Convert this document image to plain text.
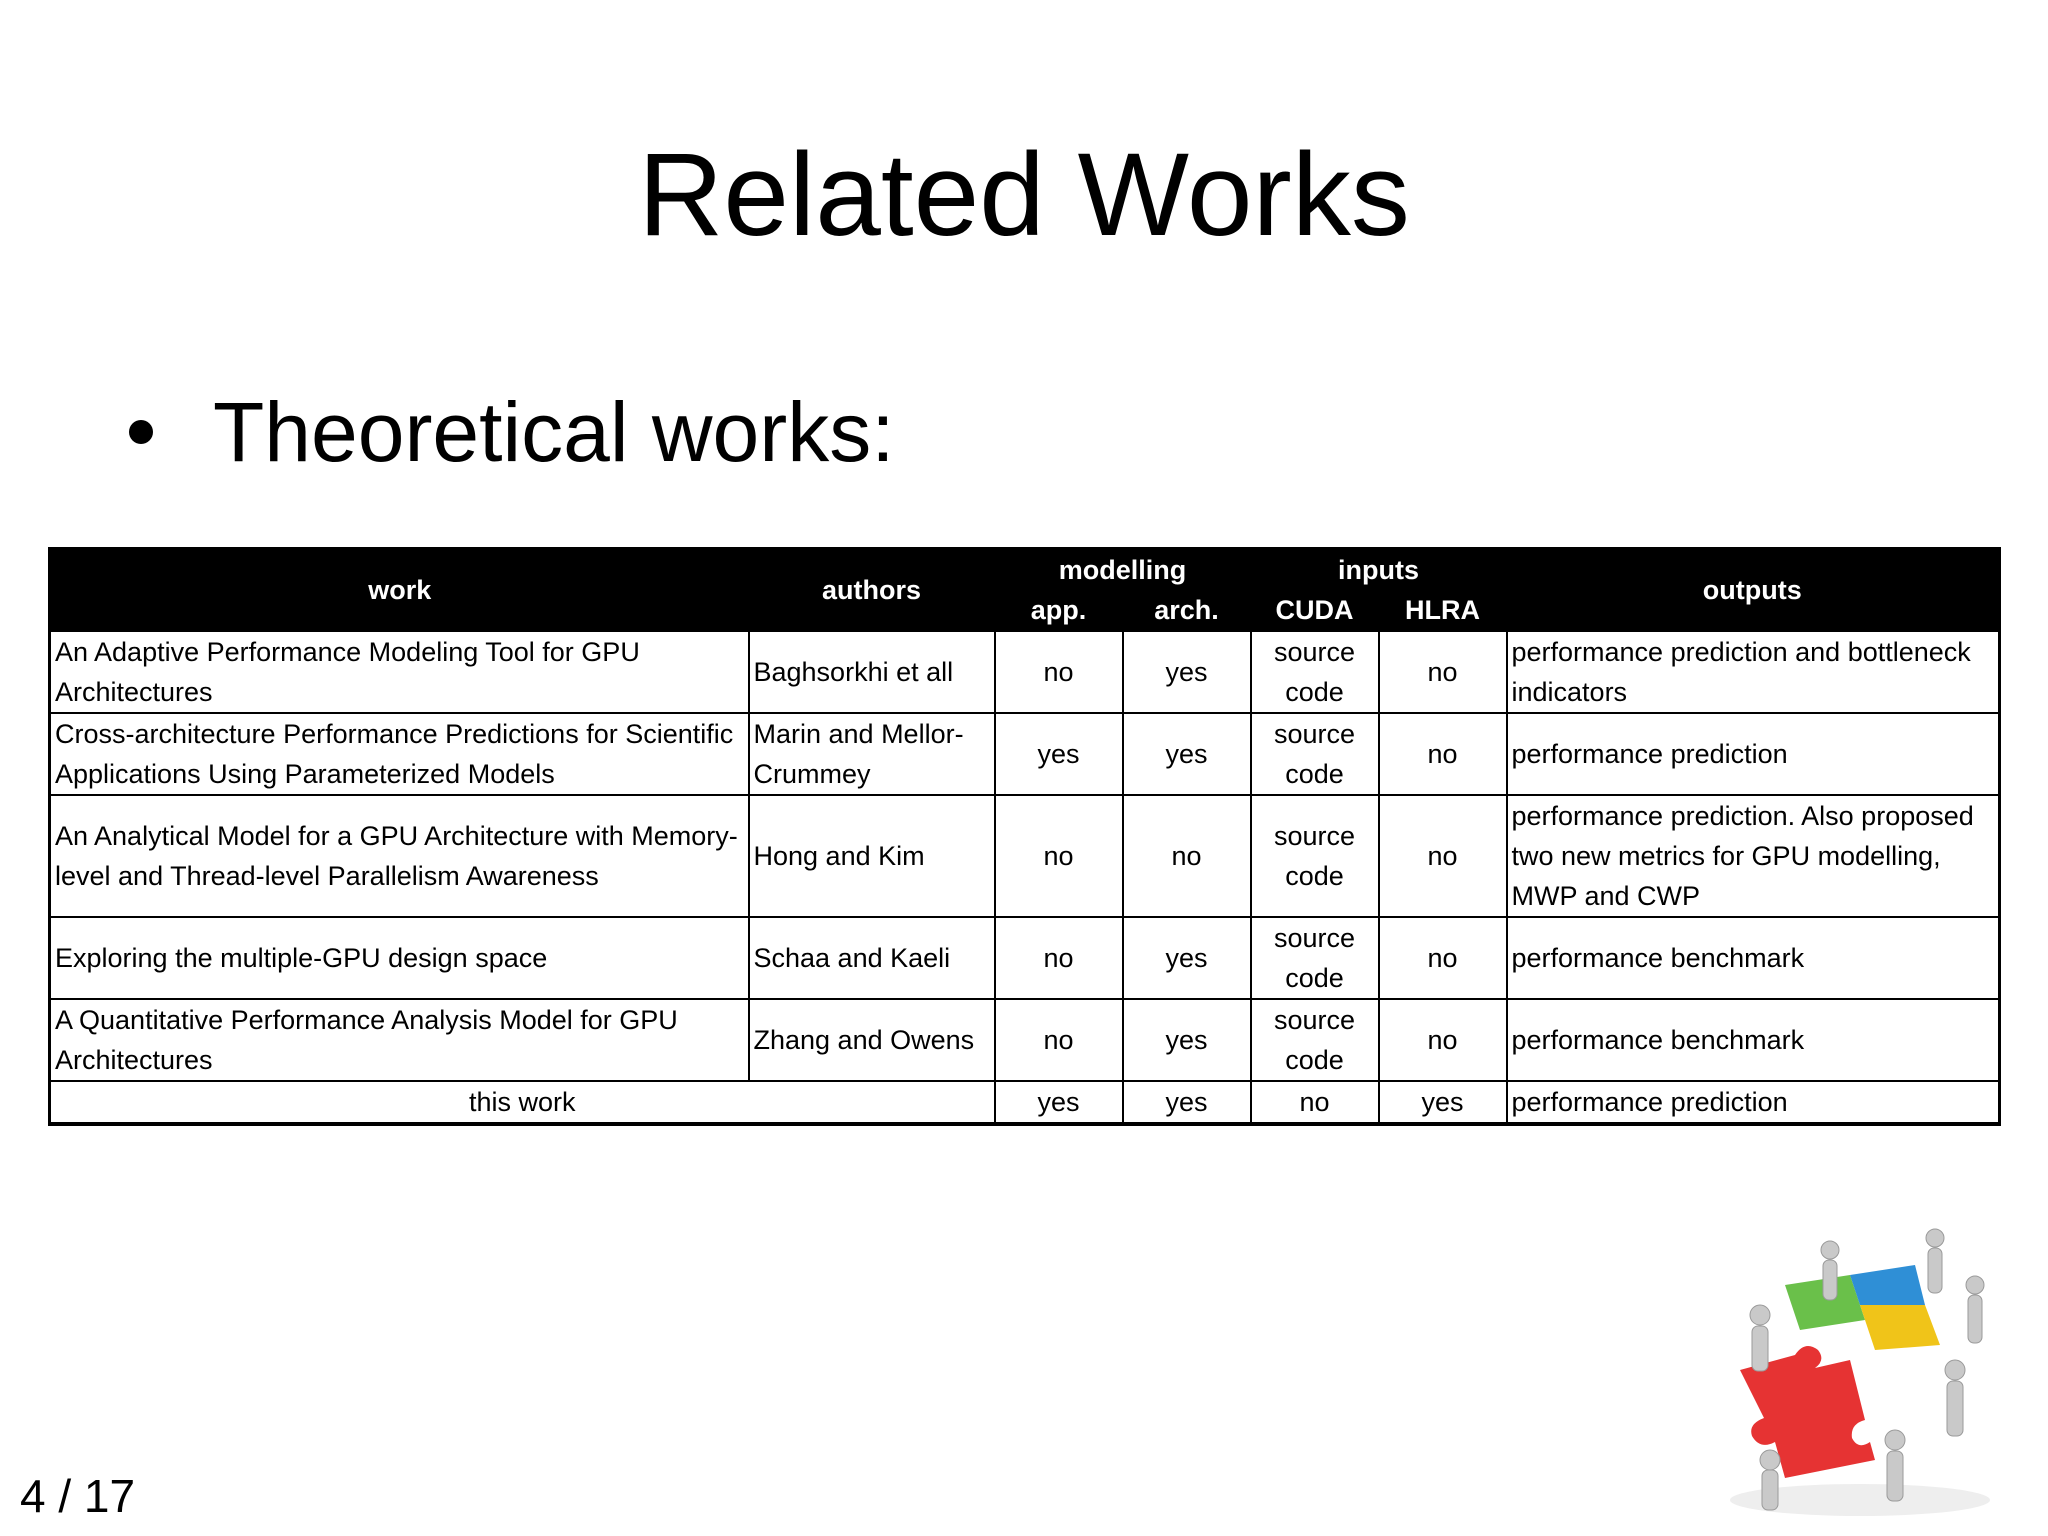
Related Works
Theoretical works:
work	authors	modelling		inputs		outputs
		app.	arch.	CUDA	HLRA	
An Adaptive Performance Modeling Tool for GPU Architectures	Baghsorkhi et all	no	yes	source code	no	performance prediction and bottleneck indicators
Cross-architecture Performance Predictions for Scientific Applications Using Parameterized Models	Marin and Mellor-Crummey	yes	yes	source code	no	performance prediction
An Analytical Model for a GPU Architecture with Memory-level and Thread-level Parallelism Awareness	Hong and Kim	no	no	source code	no	performance prediction. Also proposed two new metrics for GPU modelling, MWP and CWP
Exploring the multiple-GPU design space	Schaa and Kaeli	no	yes	source code	no	performance benchmark
A Quantitative Performance Analysis Model for GPU Architectures	Zhang and Owens	no	yes	source code	no	performance benchmark
this work		yes	yes	no	yes	performance prediction
4 / 17
